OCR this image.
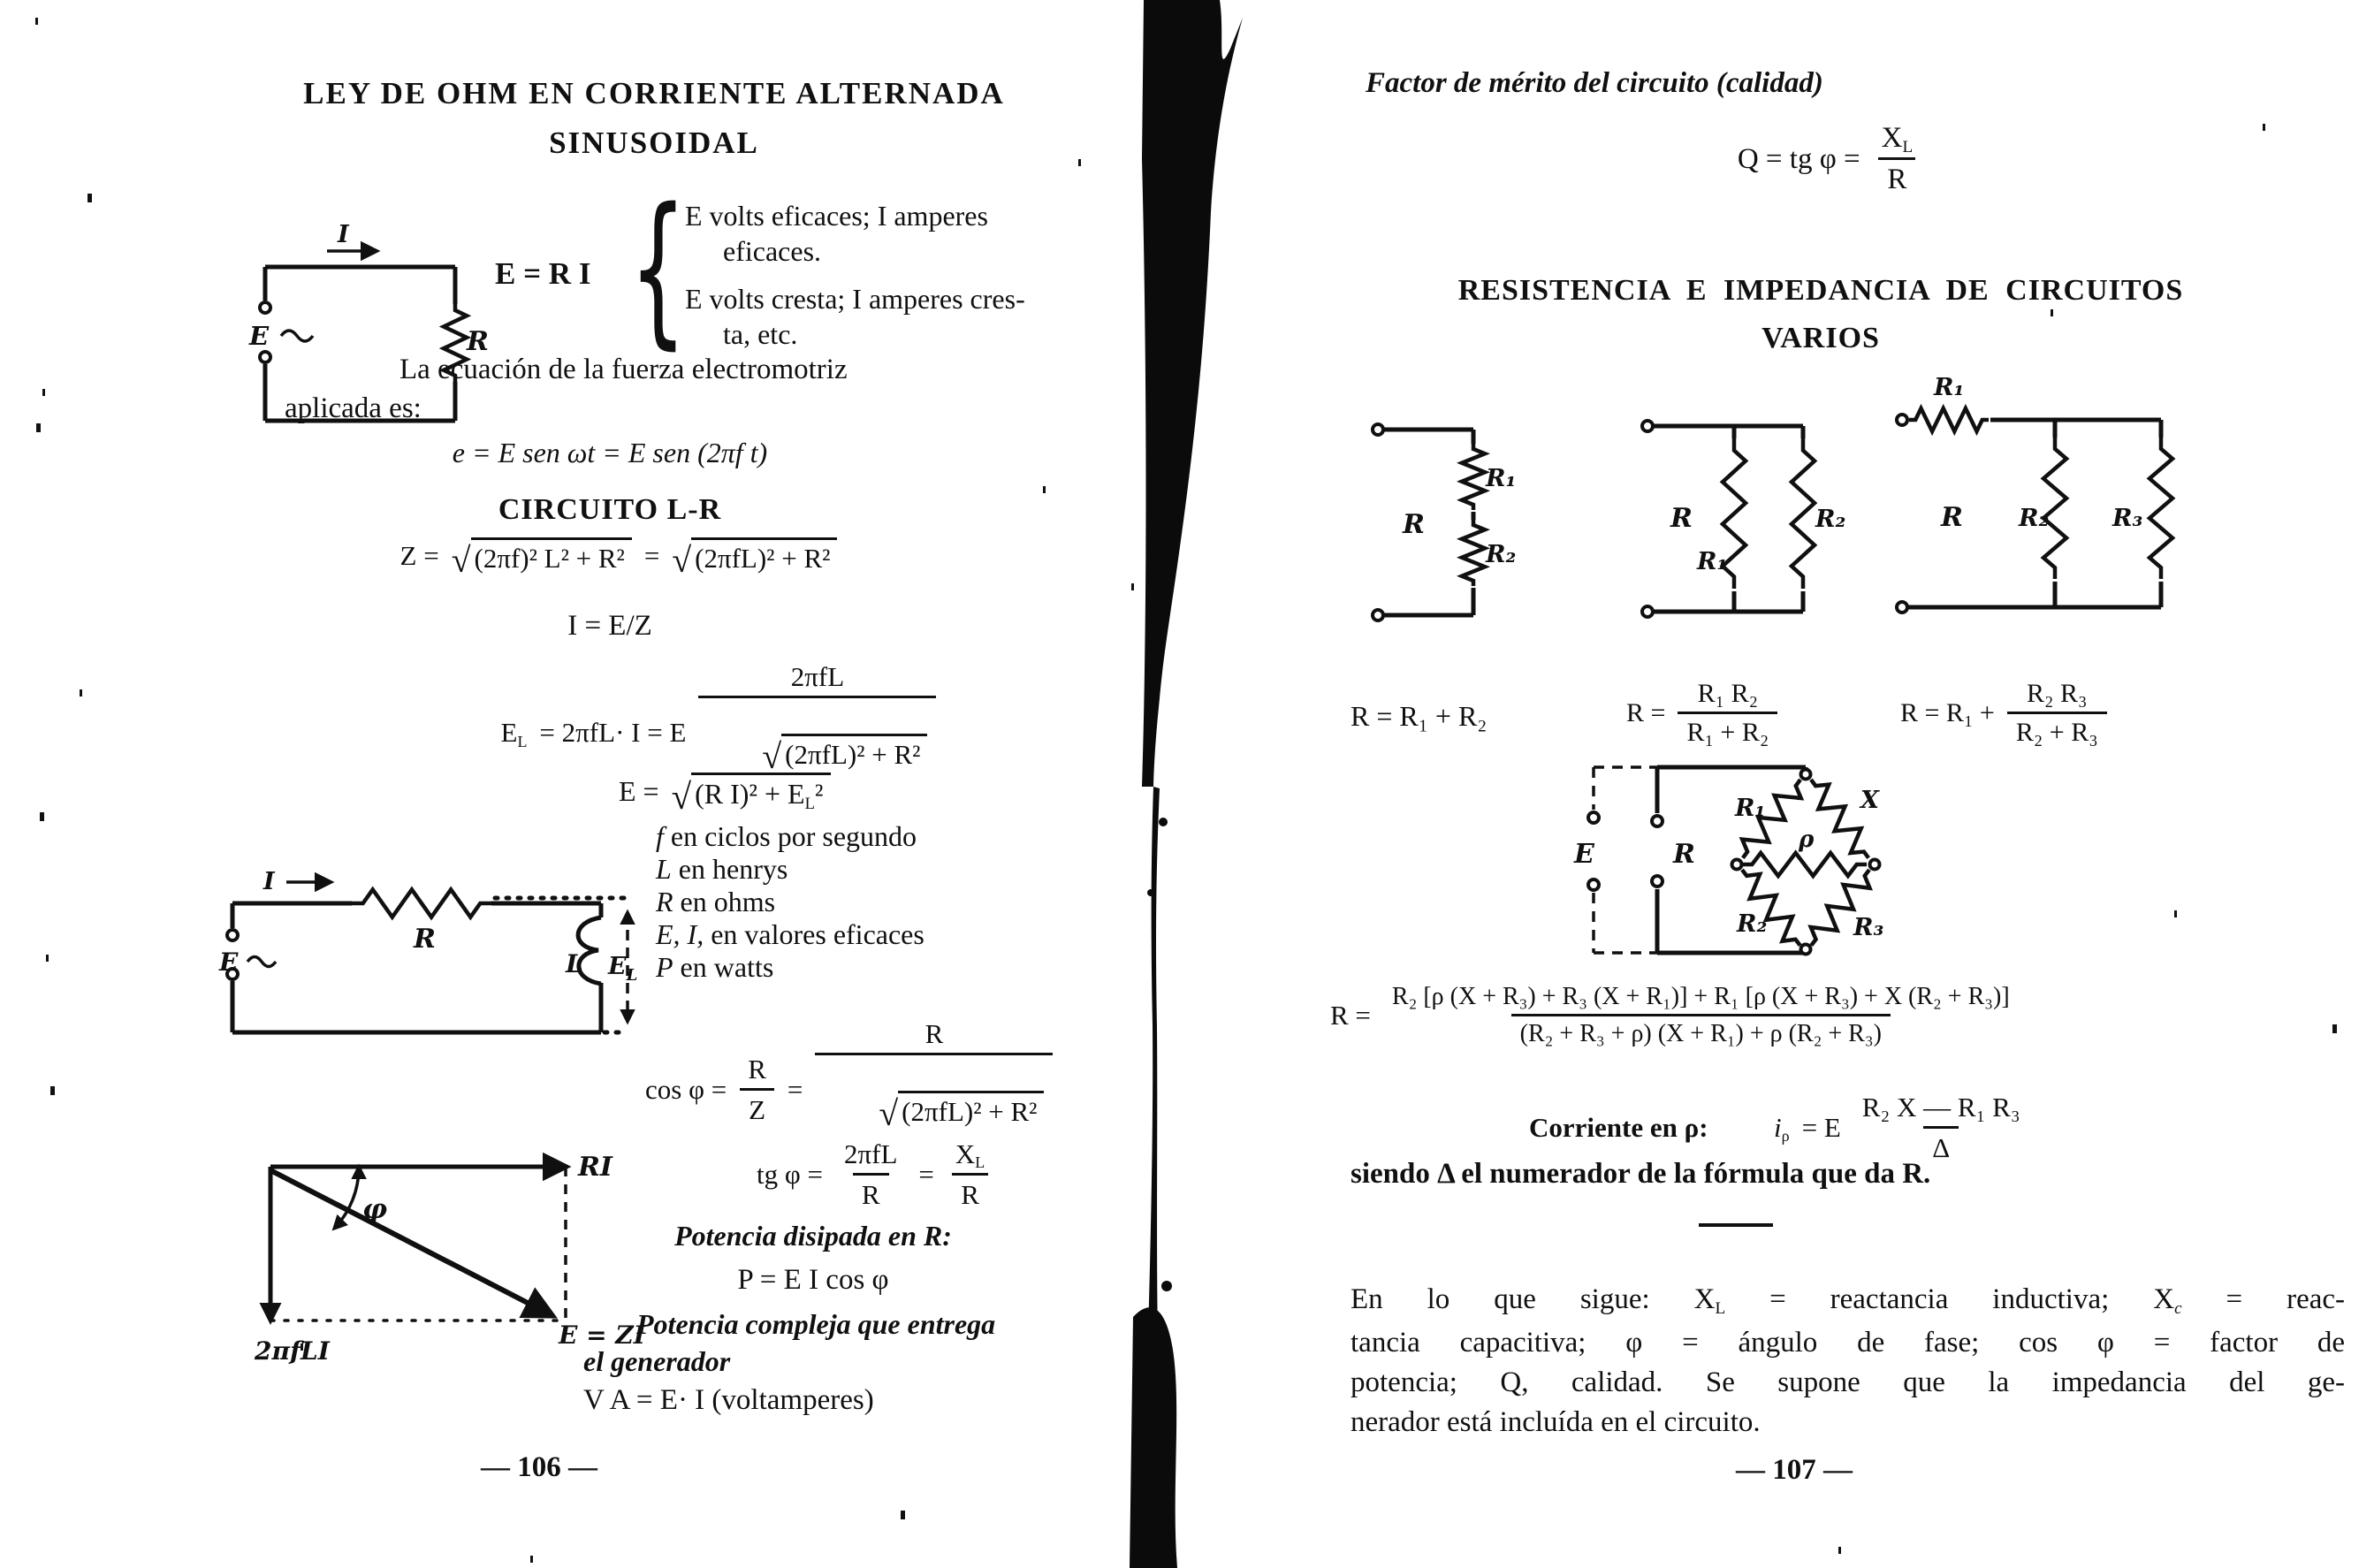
LEY DE OHM EN CORRIENTE ALTERNADA
SINUSOIDAL
I
E	R
E = R I {
E volts eficaces; I amperes
eficaces.
E volts cresta; I amperes cres-
ta, etc.
La ecuación de la fuerza electromotriz
aplicada es:
e = E sen ωt = E sen (2πf t)
CIRCUITO L-R
Z = √ (2πf)² L² + R² = √ (2πfL)² + R²
I = E/Z

EL
= 2πfL· I = E $\frac{\text{2πfL}}{\text{√ (2πfL)² + R²}}$

E = √ (R I)² + EL²
f en ciclos por segundo
L en henrys
R en ohms
E, I, en valores eficaces
P en watts
I
R
E	L $E_L$
$\cos \varphi = \frac{R}{Z} = \frac{R}{\text{√ (2πfL)² + R²}}$

tg $\varphi = \frac{\text{2πfL}}{R} = \frac{XL}{R}$
Potencia disipada en R:
P = E I cos φ
Potencia compleja que entrega
el generador
V A = E· I (voltamperes)
RI
2πfLI
E = ZI
φ
— 106 —
Factor de mérito del circuito (calidad)
Q = tg $\varphi = \frac{XL}{R}$
RESISTENCIA E IMPEDANCIA DE CIRCUITOS
VARIOS
R
R₁
R₂
R
R₁
R₂
R₁
R R₂	R₃
R = R₁ + R₂	$R = \frac{\text{R₁ R₂}}{\text{R₁ + R₂}}$	$R = R_1 + \frac{\text{R₂ R₃}}{\text{R₂ + R₃}}$
E	R
R₁	X
ρ
R₂	R₃
R =
R₂ [ρ (X + R₃) + R₃ (X + R₁)] + R₁ [ρ (X + R₃) + X (R₂ + R₃)]
(R₂ + R₃ + ρ) (X + R₁) + ρ (R₂ + R₃)
Corriente en ρ:	iρ
= E $\frac{\text{R₂ X — R₁ R₃}}{\Delta}$
siendo Δ el numerador de la fórmula que da R.
En lo que sigue: XL = reactancia inductiva; Xc = reac-
tancia capacitiva; φ = ángulo de fase; cos φ = factor de
potencia; Q, calidad. Se supone que la impedancia del ge-
nerador está incluída en el circuito.
— 107 —
